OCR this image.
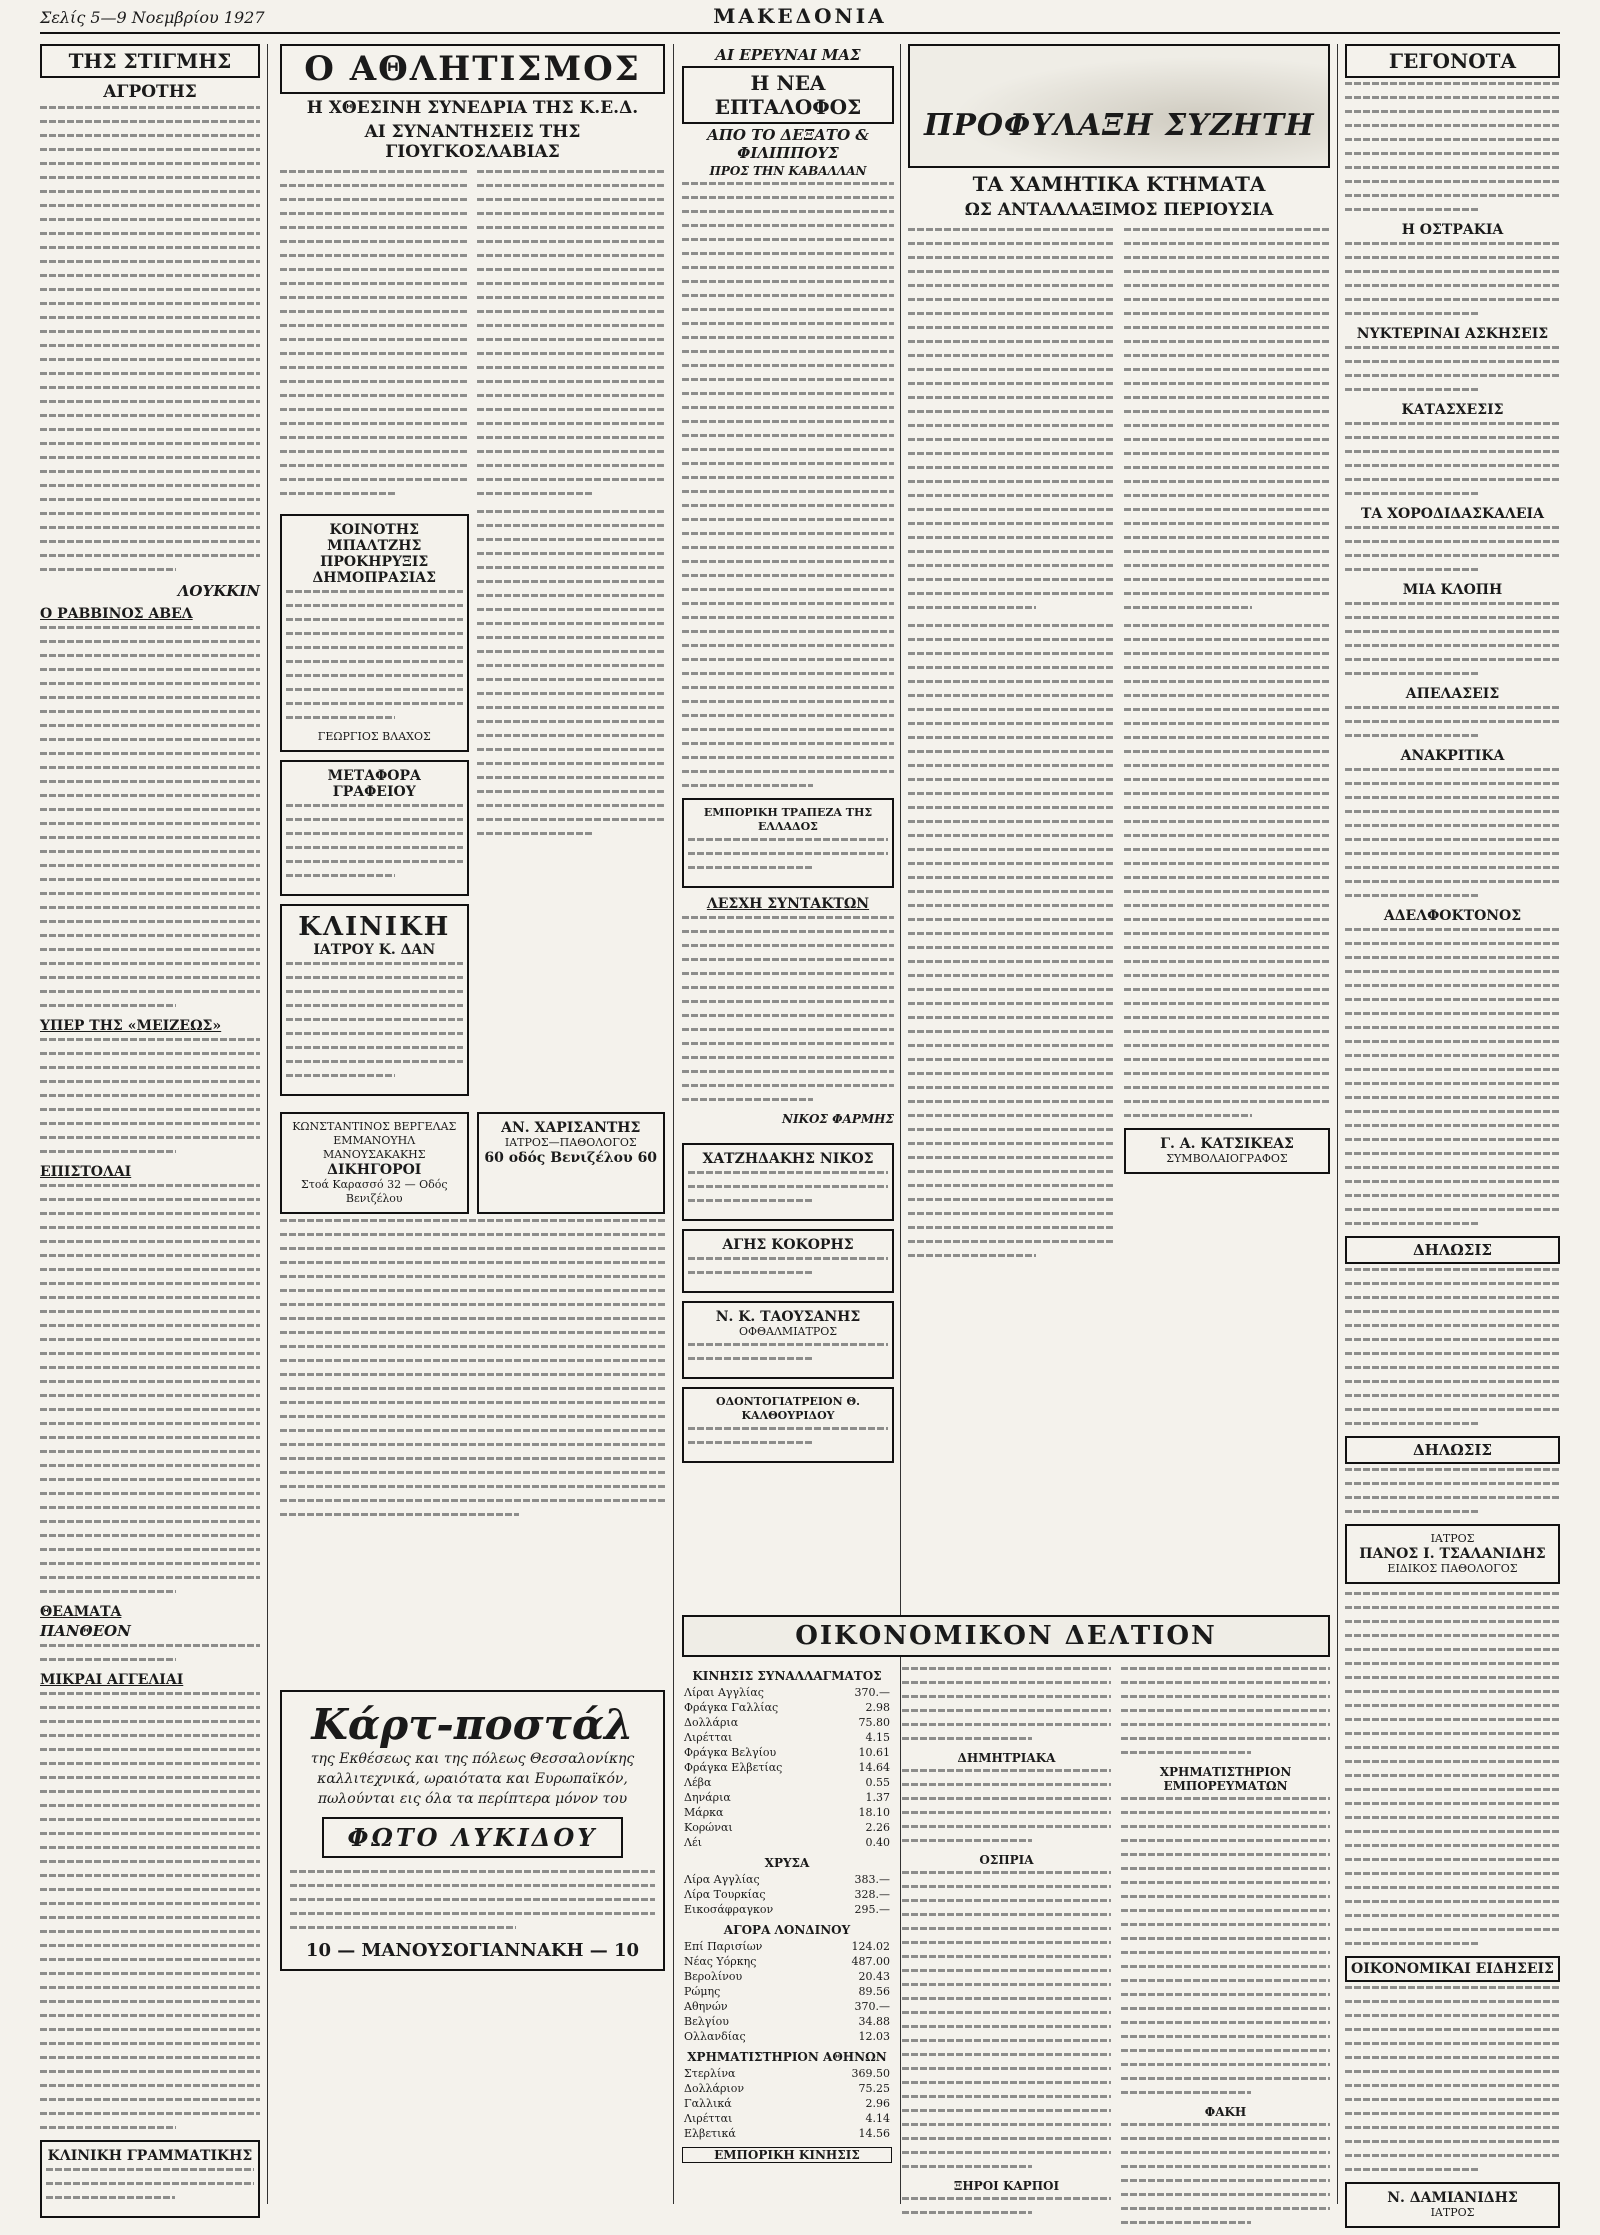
Σελίς 5—9 Νοεμβρίου 1927	ΜΑΚΕΔΟΝΙΑ
ΤΗΣ ΣΤΙΓΜΗΣ
ΑΓΡΟΤΗΣ
ΛΟΥΚΚΙΝ
Ο ΡΑΒΒΙΝΟΣ ΑΒΕΛ
ΥΠΕΡ ΤΗΣ «ΜΕΙΖΕΩΣ»
ΕΠΙΣΤΟΛΑΙ
ΘΕΑΜΑΤΑ
ΠΑΝΘΕΟΝ
ΜΙΚΡΑΙ ΑΓΓΕΛΙΑΙ
ΚΛΙΝΙΚΗ ΓΡΑΜΜΑΤΙΚΗΣ
Ο ΑΘΛΗΤΙΣΜΟΣ
Η ΧΘΕΣΙΝΗ ΣΥΝΕΔΡΙΑ ΤΗΣ Κ.Ε.Δ.
ΑΙ ΣΥΝΑΝΤΗΣΕΙΣ ΤΗΣ ΓΙΟΥΓΚΟΣΛΑΒΙΑΣ
ΚΟΙΝΟΤΗΣ ΜΠΑΛΤΖΗΣ
ΠΡΟΚΗΡΥΞΙΣ ΔΗΜΟΠΡΑΣΙΑΣ
ΓΕΩΡΓΙΟΣ ΒΛΑΧΟΣ
ΜΕΤΑΦΟΡΑ ΓΡΑΦΕΙΟΥ
ΚΛΙΝΙΚΗ
ΙΑΤΡΟΥ Κ. ΔΑΝ
ΚΩΝΣΤΑΝΤΙΝΟΣ ΒΕΡΓΕΛΑΣ
ΕΜΜΑΝΟΥΗΛ ΜΑΝΟΥΣΑΚΑΚΗΣ
ΔΙΚΗΓΟΡΟΙ
Στοά Καρασσό 32 — Οδός Βενιζέλου
ΑΝ. ΧΑΡΙΣΑΝΤΗΣ
ΙΑΤΡΟΣ—ΠΑΘΟΛΟΓΟΣ
60 οδός Βενιζέλου 60
ΑΙ ΕΡΕΥΝΑΙ ΜΑΣ
Η ΝΕΑ ΕΠΤΑΛΟΦΟΣ
ΑΠΟ ΤΟ ΔΕΞΑΤΟ & ΦΙΛΙΠΠΟΥΣ
ΠΡΟΣ ΤΗΝ ΚΑΒΑΛΛΑΝ
ΕΜΠΟΡΙΚΗ ΤΡΑΠΕΖΑ ΤΗΣ ΕΛΛΑΔΟΣ
ΛΕΣΧΗ ΣΥΝΤΑΚΤΩΝ
ΝΙΚΟΣ ΦΑΡΜΗΣ
ΠΡΟΦΥΛΑΞΗ ΣΥΖΗΤΗ
ΤΑ ΧΑΜΗΤΙΚΑ ΚΤΗΜΑΤΑ
ΩΣ ΑΝΤΑΛΛΑΞΙΜΟΣ ΠΕΡΙΟΥΣΙΑ
Γ. Α. ΚΑΤΣΙΚΕΑΣ
ΣΥΜΒΟΛΑΙΟΓΡΑΦΟΣ
ΓΕΓΟΝΟΤΑ
Η ΟΣΤΡΑΚΙΑ
ΝΥΚΤΕΡΙΝΑΙ ΑΣΚΗΣΕΙΣ
ΚΑΤΑΣΧΕΣΙΣ
ΤΑ ΧΟΡΟΔΙΔΑΣΚΑΛΕΙΑ
ΜΙΑ ΚΛΟΠΗ
ΑΠΕΛΑΣΕΙΣ
ΑΝΑΚΡΙΤΙΚΑ
ΑΔΕΛΦΟΚΤΟΝΟΣ
ΔΗΛΩΣΙΣ
ΔΗΛΩΣΙΣ
ΙΑΤΡΟΣ
ΠΑΝΟΣ Ι. ΤΣΑΛΑΝΙΔΗΣ
ΕΙΔΙΚΟΣ ΠΑΘΟΛΟΓΟΣ
ΟΙΚΟΝΟΜΙΚΑΙ ΕΙΔΗΣΕΙΣ
Ν. ΔΑΜΙΑΝΙΔΗΣ
ΙΑΤΡΟΣ
ΧΑΤΖΗΔΑΚΗΣ ΝΙΚΟΣ
ΑΓΗΣ ΚΟΚΟΡΗΣ
Ν. Κ. ΤΑΟΥΣΑΝΗΣ
ΟΦΘΑΛΜΙΑΤΡΟΣ
ΟΔΟΝΤΟΓΙΑΤΡΕΙΟΝ Θ. ΚΑΛΘΟΥΡΙΔΟΥ
Κάρτ-ποστάλ
της Εκθέσεως και της πόλεως Θεσσαλονίκης καλλιτεχνικά, ωραιότατα και Ευρωπαϊκόν, πωλούνται εις όλα τα περίπτερα μόνον του
ΦΩΤΟ ΛΥΚΙΔΟΥ
10 — ΜΑΝΟΥΣΟΓΙΑΝΝΑΚΗ — 10
ΟΙΚΟΝΟΜΙΚΟΝ ΔΕΛΤΙΟΝ
ΚΙΝΗΣΙΣ ΣΥΝΑΛΛΑΓΜΑΤΟΣ
Λίραι Αγγλίας	370.—
Φράγκα Γαλλίας	2.98
Δολλάρια	75.80
Λιρέτται	4.15
Φράγκα Βελγίου	10.61
Φράγκα Ελβετίας	14.64
Λέβα	0.55
Δηνάρια	1.37
Μάρκα	18.10
Κορώναι	2.26
Λέι	0.40
ΧΡΥΣΑ
Λίρα Αγγλίας	383.—
Λίρα Τουρκίας	328.—
Εικοσάφραγκον	295.—
ΑΓΟΡΑ ΛΟΝΔΙΝΟΥ
Επί Παρισίων	124.02
Νέας Υόρκης	487.00
Βερολίνου	20.43
Ρώμης	89.56
Αθηνών	370.—
Βελγίου	34.88
Ολλανδίας	12.03
ΧΡΗΜΑΤΙΣΤΗΡΙΟΝ ΑΘΗΝΩΝ
Στερλίνα	369.50
Δολλάριον	75.25
Γαλλικά	2.96
Λιρέτται	4.14
Ελβετικά	14.56
ΕΜΠΟΡΙΚΗ ΚΙΝΗΣΙΣ
ΔΗΜΗΤΡΙΑΚΑ
ΟΣΠΡΙΑ
ΞΗΡΟΙ ΚΑΡΠΟΙ
ΧΡΗΜΑΤΙΣΤΗΡΙΟΝ ΕΜΠΟΡΕΥΜΑΤΩΝ
ΦΑΚΗ
